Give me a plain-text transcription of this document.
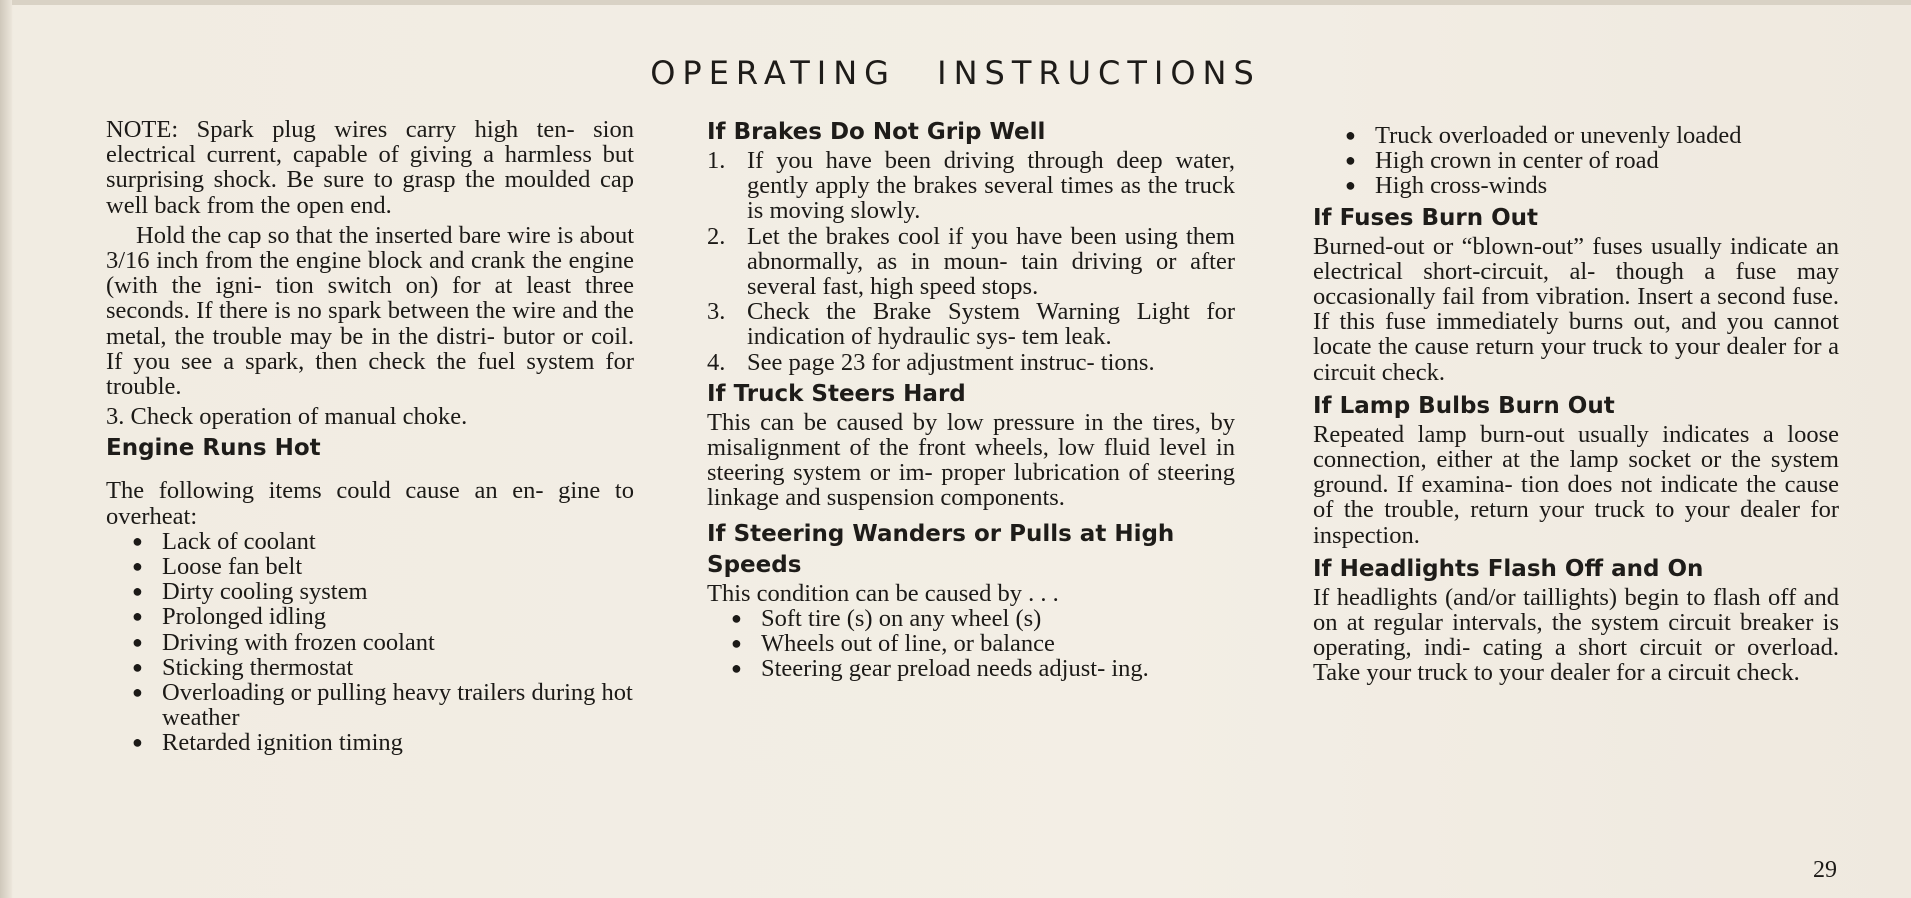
OPERATING INSTRUCTIONS

NOTE: Spark plug wires carry high ten- sion electrical current, capable of giving a harmless but surprising shock. Be sure to grasp the moulded cap well back from the open end.

Hold the cap so that the inserted bare wire is about 3/16 inch from the engine block and crank the engine (with the igni- tion switch on) for at least three seconds. If there is no spark between the wire and the metal, the trouble may be in the distri- butor or coil. If you see a spark, then check the fuel system for trouble.

3. Check operation of manual choke.

Engine Runs Hot

The following items could cause an en- gine to overheat:

● Lack of coolant
● Loose fan belt
● Dirty cooling system
● Prolonged idling
● Driving with frozen coolant
● Sticking thermostat
● Overloading or pulling heavy trailers during hot weather
● Retarded ignition timing
If Brakes Do Not Grip Well
1. If you have been driving through deep water, gently apply the brakes several times as the truck is moving slowly.
2. Let the brakes cool if you have been using them abnormally, as in moun- tain driving or after several fast, high speed stops.
3. Check the Brake System Warning Light for indication of hydraulic sys- tem leak.
4. See page 23 for adjustment instruc- tions.
If Truck Steers Hard

This can be caused by low pressure in the tires, by misalignment of the front wheels, low fluid level in steering system or im- proper lubrication of steering linkage and suspension components.

If Steering Wanders or Pulls at High Speeds

This condition can be caused by . . .

● Soft tire (s) on any wheel (s)
● Wheels out of line, or balance
● Steering gear preload needs adjust- ing.
● Truck overloaded or unevenly loaded
● High crown in center of road
● High cross-winds
If Fuses Burn Out

Burned-out or “blown-out” fuses usually indicate an electrical short-circuit, al- though a fuse may occasionally fail from vibration. Insert a second fuse. If this fuse immediately burns out, and you cannot locate the cause return your truck to your dealer for a circuit check.

If Lamp Bulbs Burn Out

Repeated lamp burn-out usually indicates a loose connection, either at the lamp socket or the system ground. If examina- tion does not indicate the cause of the trouble, return your truck to your dealer for inspection.

If Headlights Flash Off and On

If headlights (and/or taillights) begin to flash off and on at regular intervals, the system circuit breaker is operating, indi- cating a short circuit or overload. Take your truck to your dealer for a circuit check.

29
